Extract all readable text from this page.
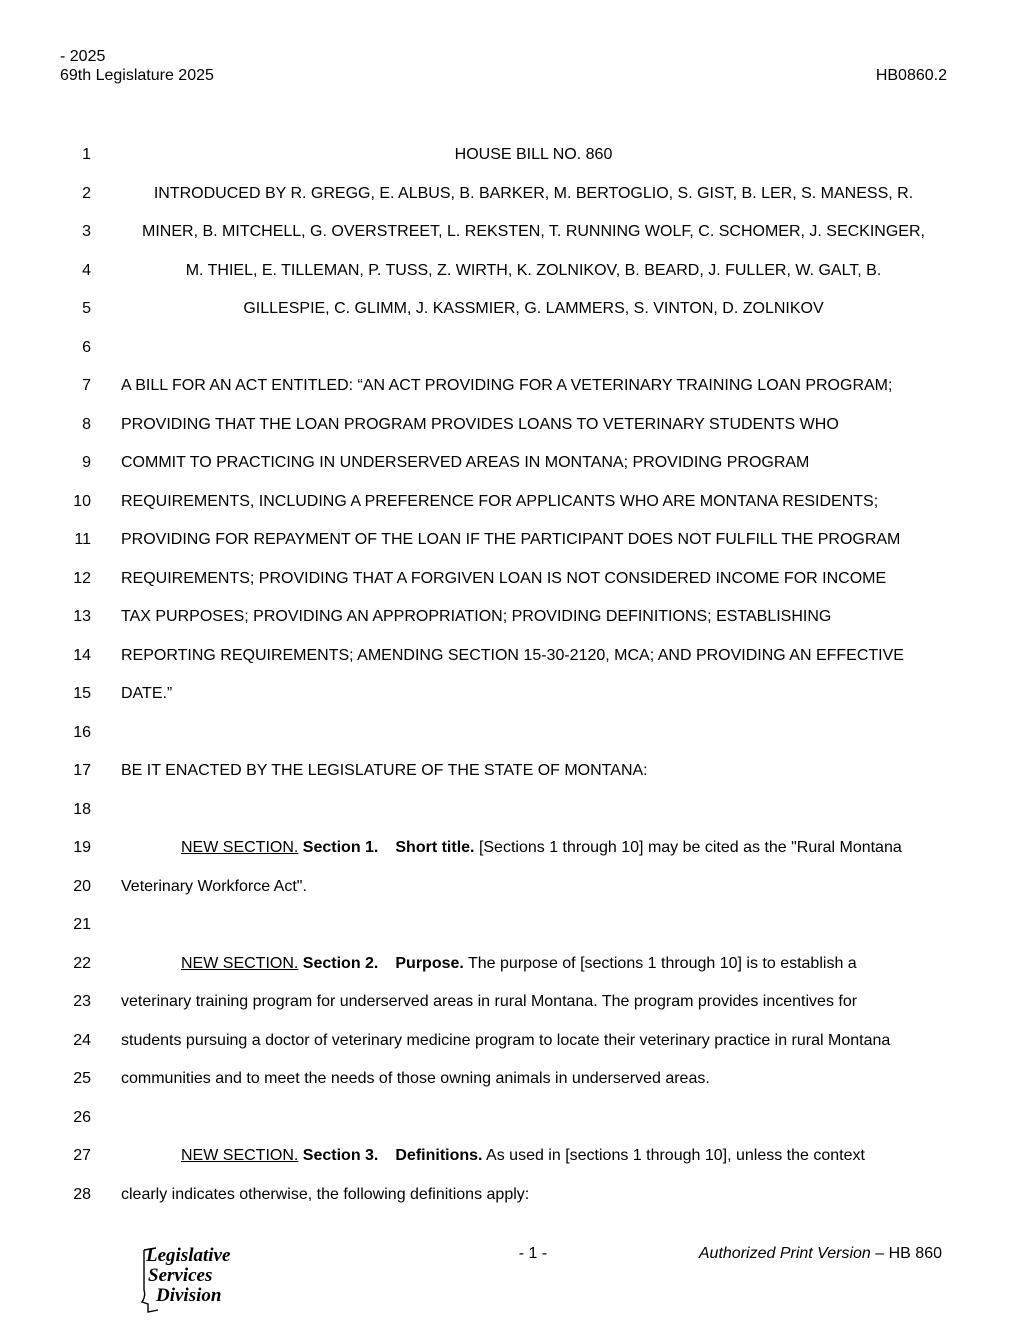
- 2025
69th Legislature 2025	HB0860.2
1	HOUSE BILL NO. 860
2	INTRODUCED BY R. GREGG, E. ALBUS, B. BARKER, M. BERTOGLIO, S. GIST, B. LER, S. MANESS, R.
3	MINER, B. MITCHELL, G. OVERSTREET, L. REKSTEN, T. RUNNING WOLF, C. SCHOMER, J. SECKINGER,
4	M. THIEL, E. TILLEMAN, P. TUSS, Z. WIRTH, K. ZOLNIKOV, B. BEARD, J. FULLER, W. GALT, B.
5	GILLESPIE, C. GLIMM, J. KASSMIER, G. LAMMERS, S. VINTON, D. ZOLNIKOV
6
7 A BILL FOR AN ACT ENTITLED: “AN ACT PROVIDING FOR A VETERINARY TRAINING LOAN PROGRAM;
8 PROVIDING THAT THE LOAN PROGRAM PROVIDES LOANS TO VETERINARY STUDENTS WHO
9 COMMIT TO PRACTICING IN UNDERSERVED AREAS IN MONTANA; PROVIDING PROGRAM
10 REQUIREMENTS, INCLUDING A PREFERENCE FOR APPLICANTS WHO ARE MONTANA RESIDENTS;
11 PROVIDING FOR REPAYMENT OF THE LOAN IF THE PARTICIPANT DOES NOT FULFILL THE PROGRAM
12 REQUIREMENTS; PROVIDING THAT A FORGIVEN LOAN IS NOT CONSIDERED INCOME FOR INCOME
13 TAX PURPOSES; PROVIDING AN APPROPRIATION; PROVIDING DEFINITIONS; ESTABLISHING
14 REPORTING REQUIREMENTS; AMENDING SECTION 15-30-2120, MCA; AND PROVIDING AN EFFECTIVE
15 DATE.”
16
17 BE IT ENACTED BY THE LEGISLATURE OF THE STATE OF MONTANA:
18
19	NEW SECTION. Section 1. Short title. [Sections 1 through 10] may be cited as the "Rural Montana
20 Veterinary Workforce Act".
21
22	NEW SECTION. Section 2. Purpose. The purpose of [sections 1 through 10] is to establish a
23 veterinary training program for underserved areas in rural Montana. The program provides incentives for
24 students pursuing a doctor of veterinary medicine program to locate their veterinary practice in rural Montana
25 communities and to meet the needs of those owning animals in underserved areas.
26
27	NEW SECTION. Section 3. Definitions. As used in [sections 1 through 10], unless the context
28 clearly indicates otherwise, the following definitions apply:
- 1 -	Authorized Print Version – HB 860
Legislative
Services
Division
